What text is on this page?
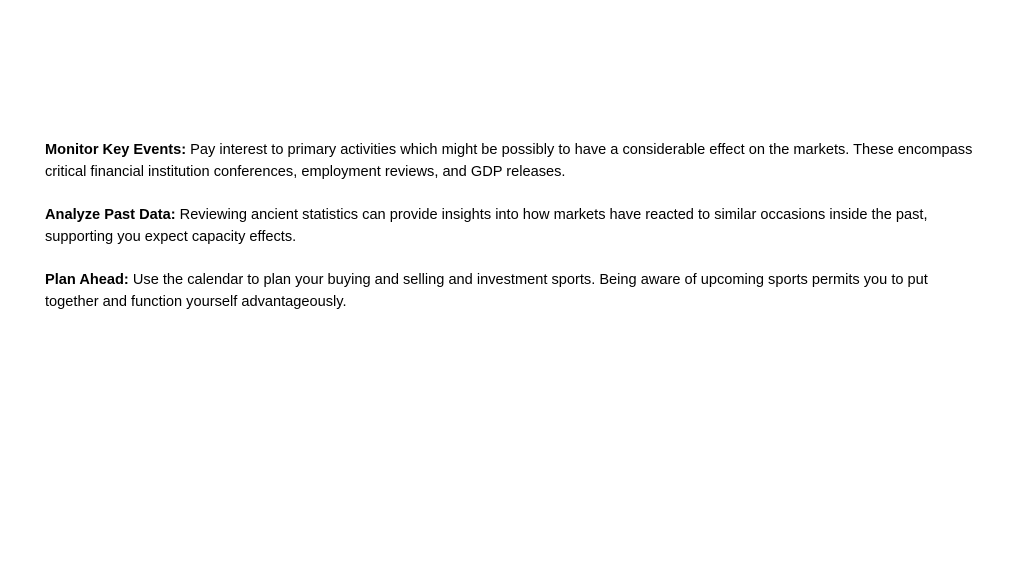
Monitor Key Events: Pay interest to primary activities which might be possibly to have a considerable effect on the markets. These encompass critical financial institution conferences, employment reviews, and GDP releases.

Analyze Past Data: Reviewing ancient statistics can provide insights into how markets have reacted to similar occasions inside the past, supporting you expect capacity effects.

Plan Ahead: Use the calendar to plan your buying and selling and investment sports. Being aware of upcoming sports permits you to put together and function yourself advantageously.
